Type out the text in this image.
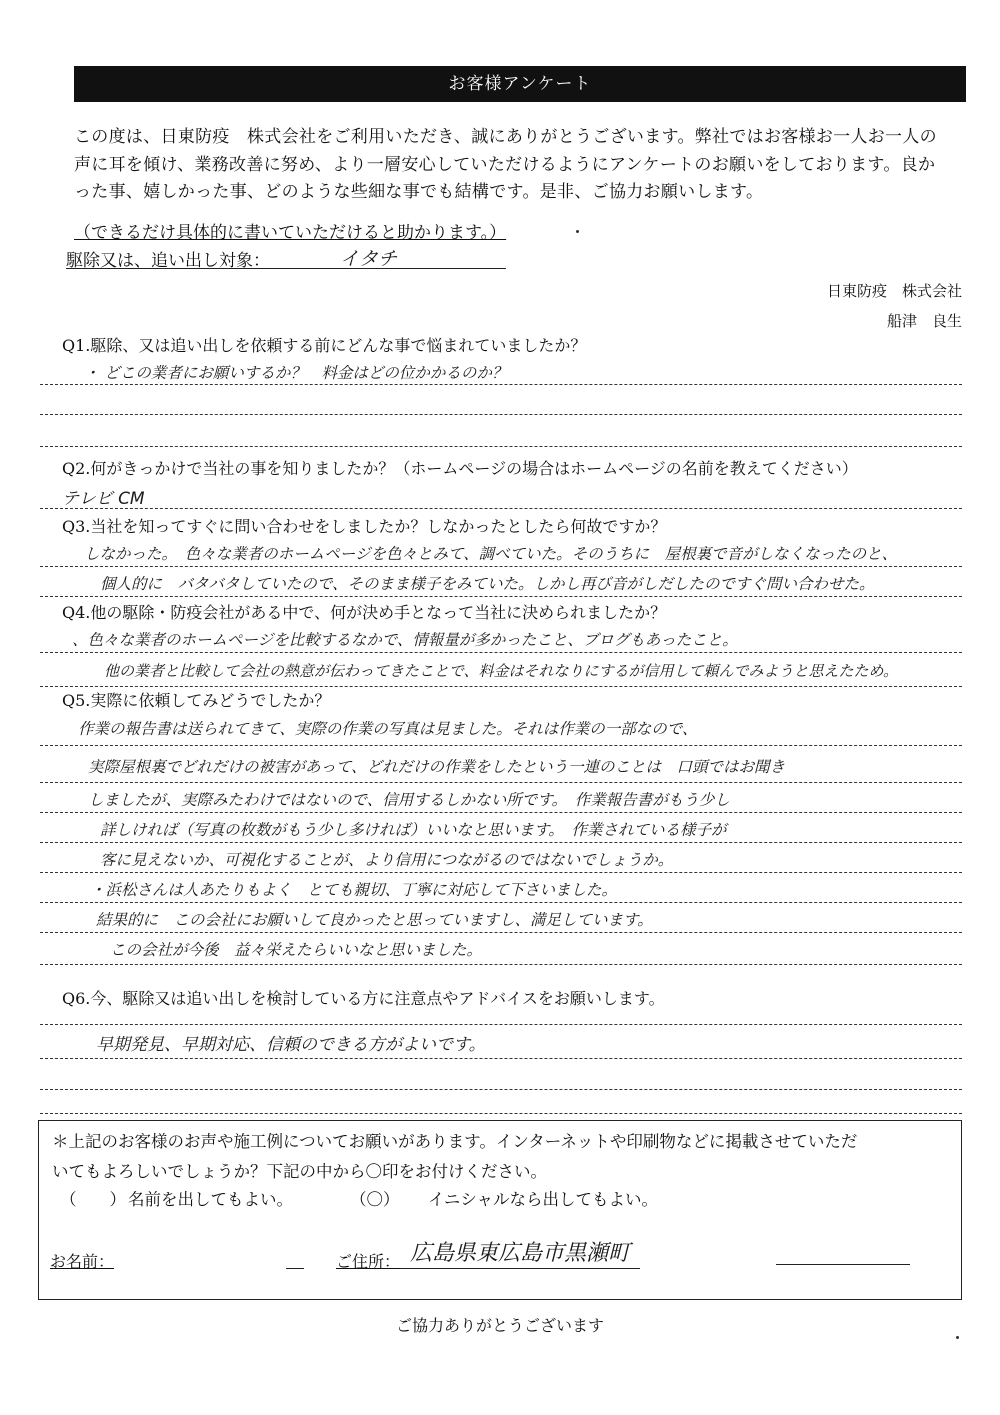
お客様アンケート
この度は、日東防疫　株式会社をご利用いただき、誠にありがとうございます。弊社ではお客様お一人お一人の
声に耳を傾け、業務改善に努め、より一層安心していただけるようにアンケートのお願いをしております。良か
った事、嬉しかった事、どのような些細な事でも結構です。是非、ご協力お願いします。
（できるだけ具体的に書いていただけると助かります。）
駆除又は、追い出し対象：	イタチ
日東防疫　株式会社
船津　良生
Q1.駆除、又は追い出しを依頼する前にどんな事で悩まれていましたか？
・ どこの業者にお願いするか？　料金はどの位かかるのか？
Q2.何がきっかけで当社の事を知りましたか？（ホームページの場合はホームページの名前を教えてください）
テレビ CM
Q3.当社を知ってすぐに問い合わせをしましたか？しなかったとしたら何故ですか？
しなかった。　色々な業者のホームページを色々とみて、調べていた。そのうちに　屋根裏で音がしなくなったのと、
個人的に　バタバタしていたので、そのまま様子をみていた。しかし再び音がしだしたのですぐ問い合わせた。
Q4.他の駆除・防疫会社がある中で、何が決め手となって当社に決められましたか？
、色々な業者のホームページを比較するなかで、情報量が多かったこと、ブログもあったこと。
他の業者と比較して会社の熱意が伝わってきたことで、料金はそれなりにするが信用して頼んでみようと思えたため。
Q5.実際に依頼してみどうでしたか？
作業の報告書は送られてきて、実際の作業の写真は見ました。それは作業の一部なので、
実際屋根裏でどれだけの被害があって、どれだけの作業をしたという一連のことは　口頭ではお聞き
しましたが、実際みたわけではないので、信用するしかない所です。　作業報告書がもう少し
詳しければ（写真の枚数がもう少し多ければ）いいなと思います。　作業されている様子が
客に見えないか、可視化することが、より信用につながるのではないでしょうか。
・浜松さんは人あたりもよく　とても親切、丁寧に対応して下さいました。
結果的に　この会社にお願いして良かったと思っていますし、満足しています。
この会社が今後　益々栄えたらいいなと思いました。
Q6.今、駆除又は追い出しを検討している方に注意点やアドバイスをお願いします。
早期発見、早期対応、信頼のできる方がよいです。
＊上記のお客様のお声や施工例についてお願いがあります。インターネットや印刷物などに掲載させていただ
いてもよろしいでしょうか？下記の中から〇印をお付けください。
（　　） 名前を出してもよい。	（〇） イニシャルなら出してもよい。
お名前：	ご住所： 広島県東広島市黒瀬町
ご協力ありがとうございます
